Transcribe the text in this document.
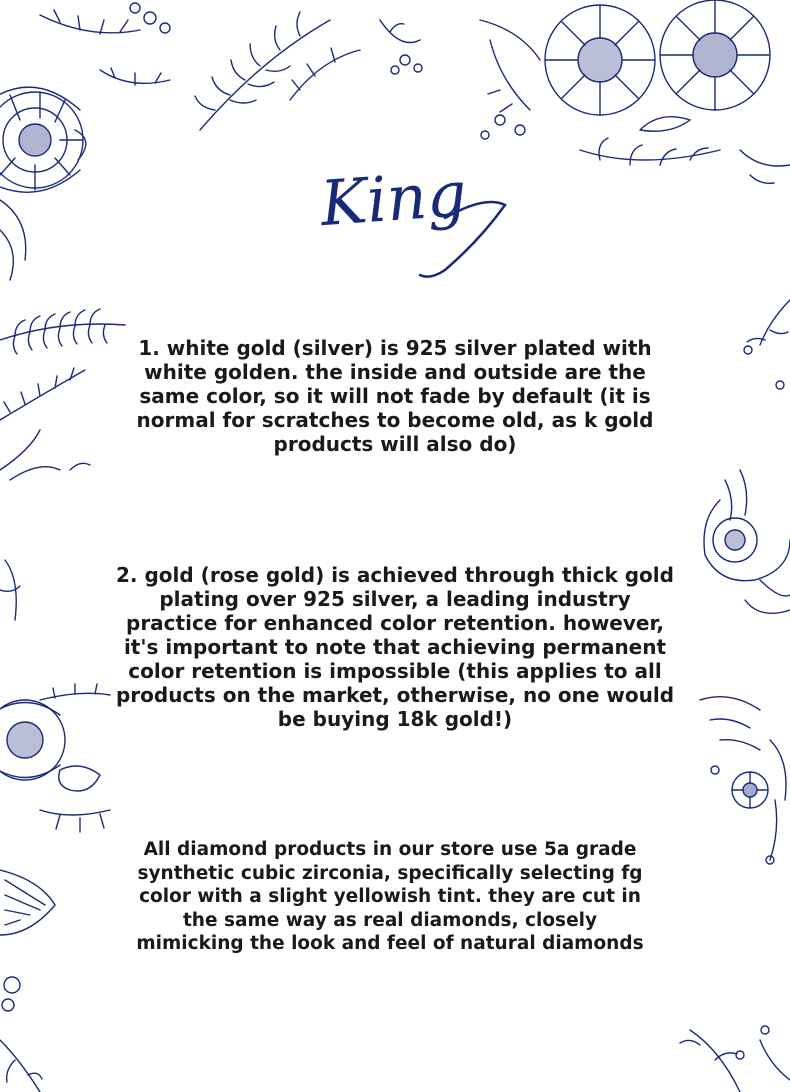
King

1. white gold (silver) is 925 silver plated with white golden. the inside and outside are the same color, so it will not fade by default (it is normal for scratches to become old, as k gold products will also do)

2. gold (rose gold) is achieved through thick gold plating over 925 silver, a leading industry practice for enhanced color retention. however, it's important to note that achieving permanent color retention is impossible (this applies to all products on the market, otherwise, no one would be buying 18k gold!)

All diamond products in our store use 5a grade synthetic cubic zirconia, specifically selecting fg color with a slight yellowish tint. they are cut in the same way as real diamonds, closely mimicking the look and feel of natural diamonds
